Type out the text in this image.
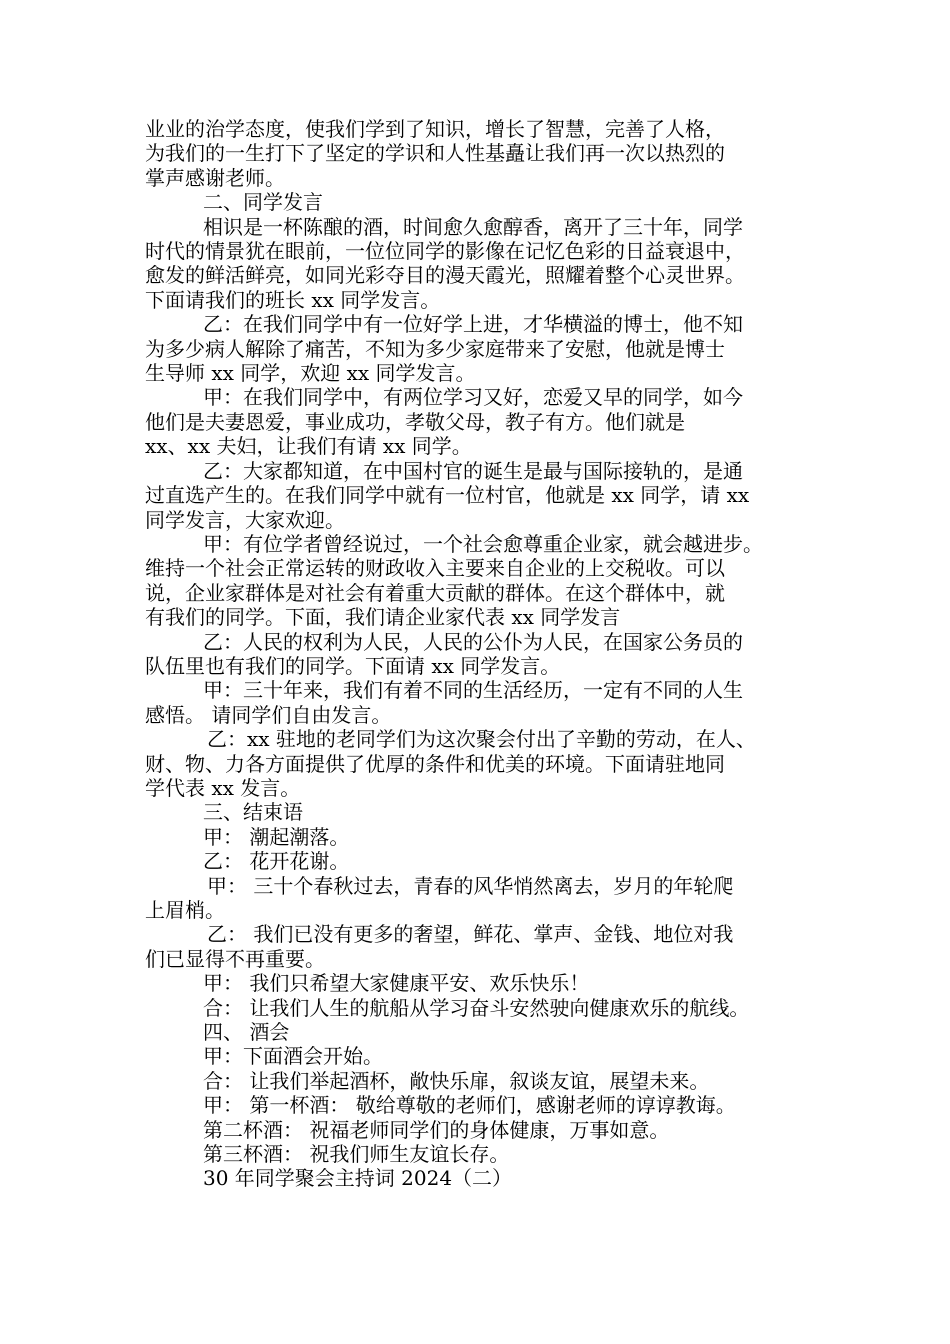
业业的治学态度，使我们学到了知识，增长了智慧，完善了人格，

为我们的一生打下了坚定的学识和人性基矗让我们再一次以热烈的

掌声感谢老师。

二、同学发言

相识是一杯陈酿的酒，时间愈久愈醇香，离开了三十年，同学

时代的情景犹在眼前，一位位同学的影像在记忆色彩的日益衰退中，

愈发的鲜活鲜亮，如同光彩夺目的漫天霞光，照耀着整个心灵世界。

下面请我们的班长 xx 同学发言。

乙：在我们同学中有一位好学上进，才华横溢的博士，他不知

为多少病人解除了痛苦，不知为多少家庭带来了安慰，他就是博士

生导师 xx 同学，欢迎 xx 同学发言。

甲：在我们同学中，有两位学习又好，恋爱又早的同学，如今

他们是夫妻恩爱，事业成功，孝敬父母，教子有方。他们就是

xx、xx 夫妇，让我们有请 xx 同学。

乙：大家都知道，在中国村官的诞生是最与国际接轨的，是通

过直选产生的。在我们同学中就有一位村官，他就是 xx 同学，请 xx

同学发言，大家欢迎。

甲：有位学者曾经说过，一个社会愈尊重企业家，就会越进步。

维持一个社会正常运转的财政收入主要来自企业的上交税收。可以

说，企业家群体是对社会有着重大贡献的群体。在这个群体中，就

有我们的同学。下面，我们请企业家代表 xx 同学发言

乙：人民的权利为人民，人民的公仆为人民，在国家公务员的

队伍里也有我们的同学。下面请 xx 同学发言。

甲：三十年来，我们有着不同的生活经历，一定有不同的人生

感悟。 请同学们自由发言。

乙：xx 驻地的老同学们为这次聚会付出了辛勤的劳动，在人、

财、物、力各方面提供了优厚的条件和优美的环境。下面请驻地同

学代表 xx 发言。

三、结束语

甲： 潮起潮落。

乙： 花开花谢。

甲： 三十个春秋过去，青春的风华悄然离去，岁月的年轮爬

上眉梢。

乙： 我们已没有更多的奢望，鲜花、掌声、金钱、地位对我

们已显得不再重要。

甲： 我们只希望大家健康平安、欢乐快乐！

合： 让我们人生的航船从学习奋斗安然驶向健康欢乐的航线。

四、 酒会

甲：下面酒会开始。

合： 让我们举起酒杯，敞快乐扉，叙谈友谊，展望未来。

甲： 第一杯酒： 敬给尊敬的老师们，感谢老师的谆谆教诲。

第二杯酒： 祝福老师同学们的身体健康，万事如意。

第三杯酒： 祝我们师生友谊长存。

30 年同学聚会主持词 2024（二）
